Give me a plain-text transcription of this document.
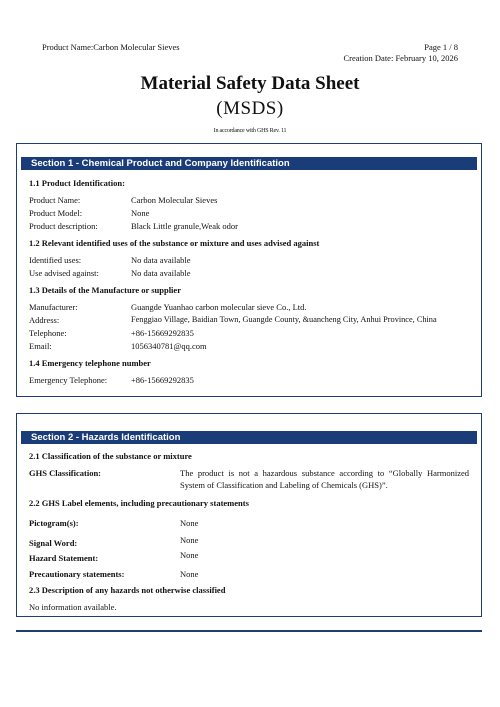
Product Name:Carbon Molecular Sieves	Page 1 / 8
Creation Date: February 10, 2026
Material Safety Data Sheet
(MSDS)
In accordance with GHS Rev. 11
Section 1 - Chemical Product and Company Identification
1.1 Product Identification:
Product Name:	Carbon Molecular Sieves
Product Model:	None
Product description:	Black Little granule,Weak odor
1.2 Relevant identified uses of the substance or mixture and uses advised against
Identified uses:	No data available
Use advised against:	No data available
1.3 Details of the Manufacture or supplier
Manufacturer:	Guangde Yuanhao carbon molecular sieve Co., Ltd.
Address:	Fenggiao Village, Baidian Town, Guangde County, &uancheng City, Anhui Province, China
Telephone:	+86-15669292835
Email:	1056340781@qq.com
1.4 Emergency telephone number
Emergency Telephone:	+86-15669292835
Section 2 - Hazards Identification
2.1 Classification of the substance or mixture
GHS Classification:	The product is not a hazardous substance according to “Globally Harmonized System of Classification and Labeling of Chemicals (GHS)”.
2.2 GHS Label elements, including precautionary statements
Pictogram(s):	None
Signal Word:	None
Hazard Statement:	None
Precautionary statements:	None
2.3 Description of any hazards not otherwise classified
No information available.
